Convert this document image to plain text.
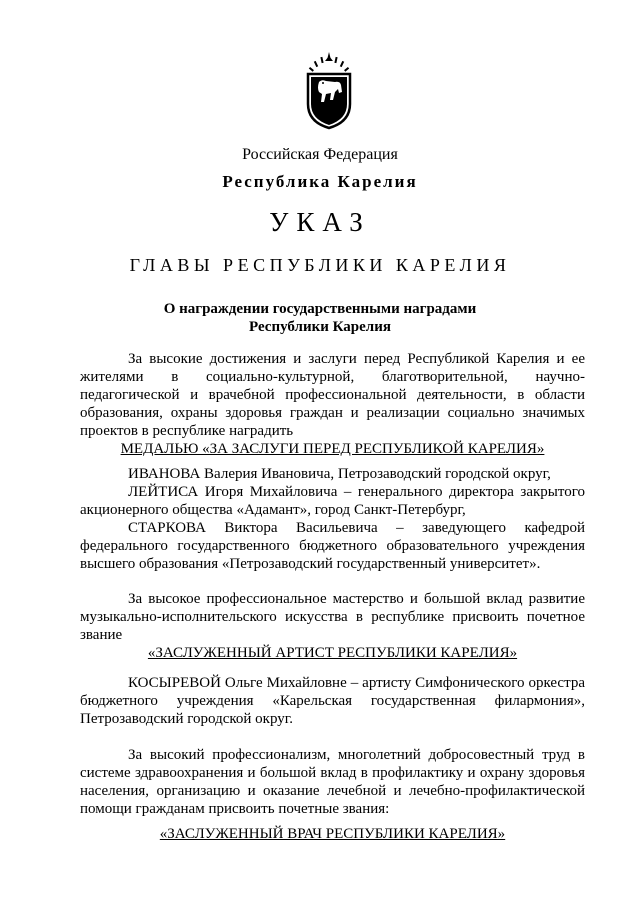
Российская Федерация
Республика Карелия
УКАЗ
ГЛАВЫ РЕСПУБЛИКИ КАРЕЛИЯ
О награждении государственными наградами
Республики Карелия
За высокие достижения и заслуги перед Республикой Карелия и ее жителями в социально-культурной, благотворительной, научно-педагогической и врачебной профессиональной деятельности, в области образования, охраны здоровья граждан и реализации социально значимых проектов в республике наградить
МЕДАЛЬЮ «ЗА ЗАСЛУГИ ПЕРЕД РЕСПУБЛИКОЙ КАРЕЛИЯ»
ИВАНОВА Валерия Ивановича, Петрозаводский городской округ,
ЛЕЙТИСА Игоря Михайловича – генерального директора закрытого акционерного общества «Адамант», город Санкт-Петербург,
СТАРКОВА Виктора Васильевича – заведующего кафедрой федерального государственного бюджетного образовательного учреждения высшего образования «Петрозаводский государственный университет».
За высокое профессиональное мастерство и большой вклад развитие музыкально-исполнительского искусства в республике присвоить почетное звание
«ЗАСЛУЖЕННЫЙ АРТИСТ РЕСПУБЛИКИ КАРЕЛИЯ»
КОСЫРЕВОЙ Ольге Михайловне – артисту Симфонического оркестра бюджетного учреждения «Карельская государственная филармония», Петрозаводский городской округ.
За высокий профессионализм, многолетний добросовестный труд в системе здравоохранения и большой вклад в профилактику и охрану здоровья населения, организацию и оказание лечебной и лечебно-профилактической помощи гражданам присвоить почетные звания:
«ЗАСЛУЖЕННЫЙ ВРАЧ РЕСПУБЛИКИ КАРЕЛИЯ»
